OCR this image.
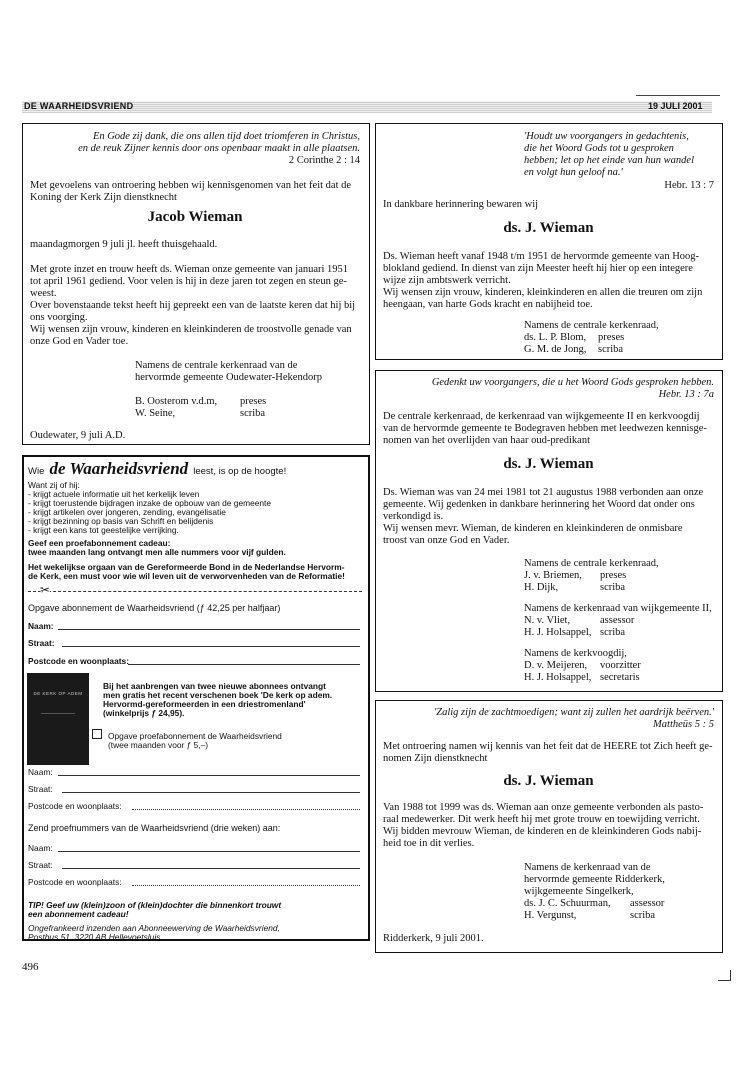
DE WAARHEIDSVRIEND	19 JULI 2001
En Gode zij dank, die ons allen tijd doet triomferen in Christus,
en de reuk Zijner kennis door ons openbaar maakt in alle plaatsen.
2 Corinthe 2 : 14
Met gevoelens van ontroering hebben wij kennisgenomen van het feit dat de
Koning der Kerk Zijn dienstknecht
Jacob Wieman
maandagmorgen 9 juli jl. heeft thuisgehaald.
Met grote inzet en trouw heeft ds. Wieman onze gemeente van januari 1951
tot april 1961 gediend. Voor velen is hij in deze jaren tot zegen en steun ge-
weest.
Over bovenstaande tekst heeft hij gepreekt een van de laatste keren dat hij bij
ons voorging.
Wij wensen zijn vrouw, kinderen en kleinkinderen de troostvolle genade van
onze God en Vader toe.
Namens de centrale kerkenraad van de
hervormde gemeente Oudewater-Hekendorp
B. Oosterom v.d.m, preses
W. Seine,	scriba
Oudewater, 9 juli A.D.
Wie de Waarheidsvriend leest, is op de hoogte!
Want zij of hij:
- krijgt actuele informatie uit het kerkelijk leven
- krijgt toerustende bijdragen inzake de opbouw van de gemeente
- krijgt artikelen over jongeren, zending, evangelisatie
- krijgt bezinning op basis van Schrift en belijdenis
- krijgt een kans tot geestelijke verrijking.
Geef een proefabonnement cadeau:
twee maanden lang ontvangt men alle nummers voor vijf gulden.
Het wekelijkse orgaan van de Gereformeerde Bond in de Nederlandse Hervorm-
de Kerk, een must voor wie wil leven uit de verworvenheden van de Reformatie!
✂
Opgave abonnement de Waarheidsvriend (ƒ 42,25 per halfjaar)
Naam:
Straat:
Postcode en woonplaats:
DE KERK OP ADEM
Bij het aanbrengen van twee nieuwe abonnees ontvangt
men gratis het recent verschenen boek 'De kerk op adem.
Hervormd-gereformeerden in een driestromenland'
(winkelprijs ƒ 24,95).
Opgave proefabonnement de Waarheidsvriend
(twee maanden voor ƒ 5,–)
Naam:
Straat:
Postcode en woonplaats:
Zend proefnummers van de Waarheidsvriend (drie weken) aan:
Naam:
Straat:
Postcode en woonplaats:
TIP! Geef uw (klein)zoon of (klein)dochter die binnenkort trouwt
een abonnement cadeau!
Ongefrankeerd inzenden aan Abonneewerving de Waarheidsvriend,
Postbus 51, 3220 AB Hellevoetsluis.
496
'Houdt uw voorgangers in gedachtenis,
die het Woord Gods tot u gesproken
hebben; let op het einde van hun wandel
en volgt hun geloof na.'
Hebr. 13 : 7
In dankbare herinnering bewaren wij
ds. J. Wieman
Ds. Wieman heeft vanaf 1948 t/m 1951 de hervormde gemeente van Hoog-
blokland gediend. In dienst van zijn Meester heeft hij hier op een integere
wijze zijn ambtswerk verricht.
Wij wensen zijn vrouw, kinderen, kleinkinderen en allen die treuren om zijn
heengaan, van harte Gods kracht en nabijheid toe.
Namens de centrale kerkenraad,
ds. L. P. Blom, preses
G. M. de Jong, scriba
Gedenkt uw voorgangers, die u het Woord Gods gesproken hebben.
Hebr. 13 : 7a
De centrale kerkenraad, de kerkenraad van wijkgemeente II en kerkvoogdij
van de hervormde gemeente te Bodegraven hebben met leedwezen kennisge-
nomen van het overlijden van haar oud-predikant
ds. J. Wieman
Ds. Wieman was van 24 mei 1981 tot 21 augustus 1988 verbonden aan onze
gemeente. Wij gedenken in dankbare herinnering het Woord dat onder ons
verkondigd is.
Wij wensen mevr. Wieman, de kinderen en kleinkinderen de onmisbare
troost van onze God en Vader.
Namens de centrale kerkenraad,
J. v. Briemen, preses
H. Dijk,	scriba
Namens de kerkenraad van wijkgemeente II,
N. v. Vliet,	assessor
H. J. Holsappel, scriba
Namens de kerkvoogdij,
D. v. Meijeren, voorzitter
H. J. Holsappel, secretaris
'Zalig zijn de zachtmoedigen; want zij zullen het aardrijk beërven.'
Mattheüs 5 : 5
Met ontroering namen wij kennis van het feit dat de HEERE tot Zich heeft ge-
nomen Zijn dienstknecht
ds. J. Wieman
Van 1988 tot 1999 was ds. Wieman aan onze gemeente verbonden als pasto-
raal medewerker. Dit werk heeft hij met grote trouw en toewijding verricht.
Wij bidden mevrouw Wieman, de kinderen en de kleinkinderen Gods nabij-
heid toe in dit verlies.
Namens de kerkenraad van de
hervormde gemeente Ridderkerk,
wijkgemeente Singelkerk,
ds. J. C. Schuurman, assessor
H. Vergunst,	scriba
Ridderkerk, 9 juli 2001.
